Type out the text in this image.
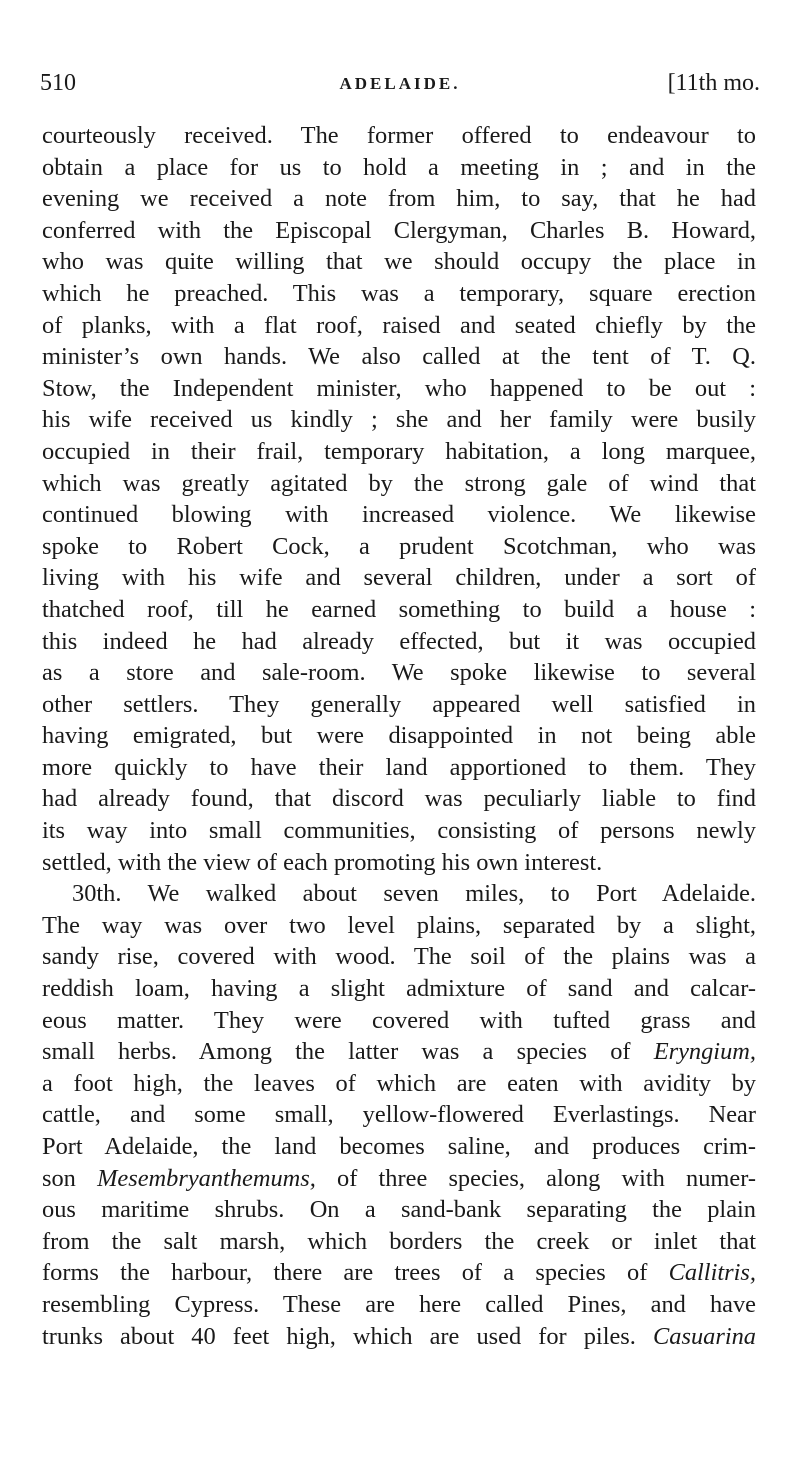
510	ADELAIDE.	[11th mo.
courteously received. The former offered to endeavour to
obtain a place for us to hold a meeting in ; and in the
evening we received a note from him, to say, that he had
conferred with the Episcopal Clergyman, Charles B. Howard,
who was quite willing that we should occupy the place in
which he preached. This was a temporary, square erection
of planks, with a flat roof, raised and seated chiefly by the
minister’s own hands. We also called at the tent of T. Q.
Stow, the Independent minister, who happened to be out :
his wife received us kindly ; she and her family were busily
occupied in their frail, temporary habitation, a long marquee,
which was greatly agitated by the strong gale of wind that
continued blowing with increased violence. We likewise
spoke to Robert Cock, a prudent Scotchman, who was
living with his wife and several children, under a sort of
thatched roof, till he earned something to build a house :
this indeed he had already effected, but it was occupied
as a store and sale-room. We spoke likewise to several
other settlers. They generally appeared well satisfied in
having emigrated, but were disappointed in not being able
more quickly to have their land apportioned to them. They
had already found, that discord was peculiarly liable to find
its way into small communities, consisting of persons newly
settled, with the view of each promoting his own interest.
30th. We walked about seven miles, to Port Adelaide.
The way was over two level plains, separated by a slight,
sandy rise, covered with wood. The soil of the plains was a
reddish loam, having a slight admixture of sand and calcar-
eous matter. They were covered with tufted grass and
small herbs. Among the latter was a species of Eryngium,
a foot high, the leaves of which are eaten with avidity by
cattle, and some small, yellow-flowered Everlastings. Near
Port Adelaide, the land becomes saline, and produces crim-
son Mesembryanthemums, of three species, along with numer-
ous maritime shrubs. On a sand-bank separating the plain
from the salt marsh, which borders the creek or inlet that
forms the harbour, there are trees of a species of Callitris,
resembling Cypress. These are here called Pines, and have
trunks about 40 feet high, which are used for piles. Casuarina
